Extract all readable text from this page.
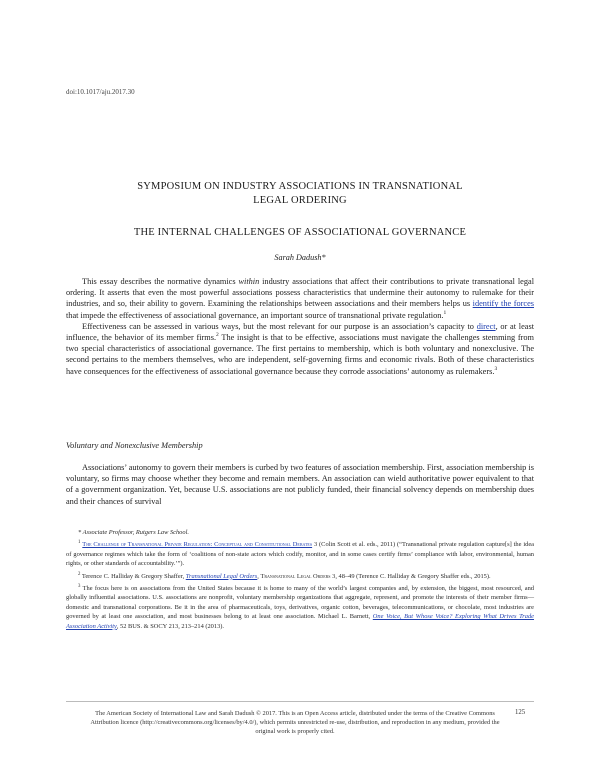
doi:10.1017/aju.2017.30
SYMPOSIUM ON INDUSTRY ASSOCIATIONS IN TRANSNATIONAL
LEGAL ORDERING
THE INTERNAL CHALLENGES OF ASSOCIATIONAL GOVERNANCE
Sarah Dadush*

This essay describes the normative dynamics within industry associations that affect their contributions to private transnational legal ordering. It asserts that even the most powerful associations possess characteristics that undermine their autonomy to rulemake for their industries, and so, their ability to govern. Examining the relationships between associations and their members helps us identify the forces that impede the effectiveness of associational governance, an important source of transnational private regulation.$^1$

Effectiveness can be assessed in various ways, but the most relevant for our purpose is an association’s capacity to direct, or at least influence, the behavior of its member firms.$^2$ The insight is that to be effective, associations must navigate the challenges stemming from two special characteristics of associational governance. The first pertains to membership, which is both voluntary and nonexclusive. The second pertains to the members themselves, who are independent, self-governing firms and economic rivals. Both of these characteristics have consequences for the effectiveness of associational governance because they corrode associations’ autonomy as rulemakers.$^3$

Voluntary and Nonexclusive Membership

Associations’ autonomy to govern their members is curbed by two features of association membership. First, association membership is voluntary, so firms may choose whether they become and remain members. An association can wield authoritative power equivalent to that of a government organization. Yet, because U.S. associations are not publicly funded, their financial solvency depends on membership dues and their chances of survival

* Associate Professor, Rutgers Law School.

$^1$ The Challenge of Transnational Private Regulation: Conceptual and Constitutional Debates 3 (Colin Scott et al. eds., 2011) (“Transnational private regulation capture[s] the idea of governance regimes which take the form of ‘coalitions of non-state actors which codify, monitor, and in some cases certify firms’ compliance with labor, environmental, human rights, or other standards of accountability.’”).

$^2$ Terence C. Halliday & Gregory Shaffer, Transnational Legal Orders, Transnational Legal Orders 3, 48–49 (Terence C. Halliday & Gregory Shaffer eds., 2015).

$^3$ The focus here is on associations from the United States because it is home to many of the world’s largest companies and, by extension, the biggest, most resourced, and globally influential associations. U.S. associations are nonprofit, voluntary membership organizations that aggregate, represent, and promote the interests of their member firms—domestic and transnational corporations. Be it in the area of pharmaceuticals, toys, derivatives, organic cotton, beverages, telecommunications, or chocolate, most industries are governed by at least one association, and most businesses belong to at least one association. Michael L. Barnett, One Voice, But Whose Voice? Exploring What Drives Trade Association Activity, 52 BUS. & SOCY 213, 213–214 (2013).

The American Society of International Law and Sarah Dadush © 2017. This is an Open Access article, distributed under the terms of the Creative Commons Attribution licence (http://creativecommons.org/licenses/by/4.0/), which permits unrestricted re-use, distribution, and reproduction in any medium, provided the original work is properly cited.
125
